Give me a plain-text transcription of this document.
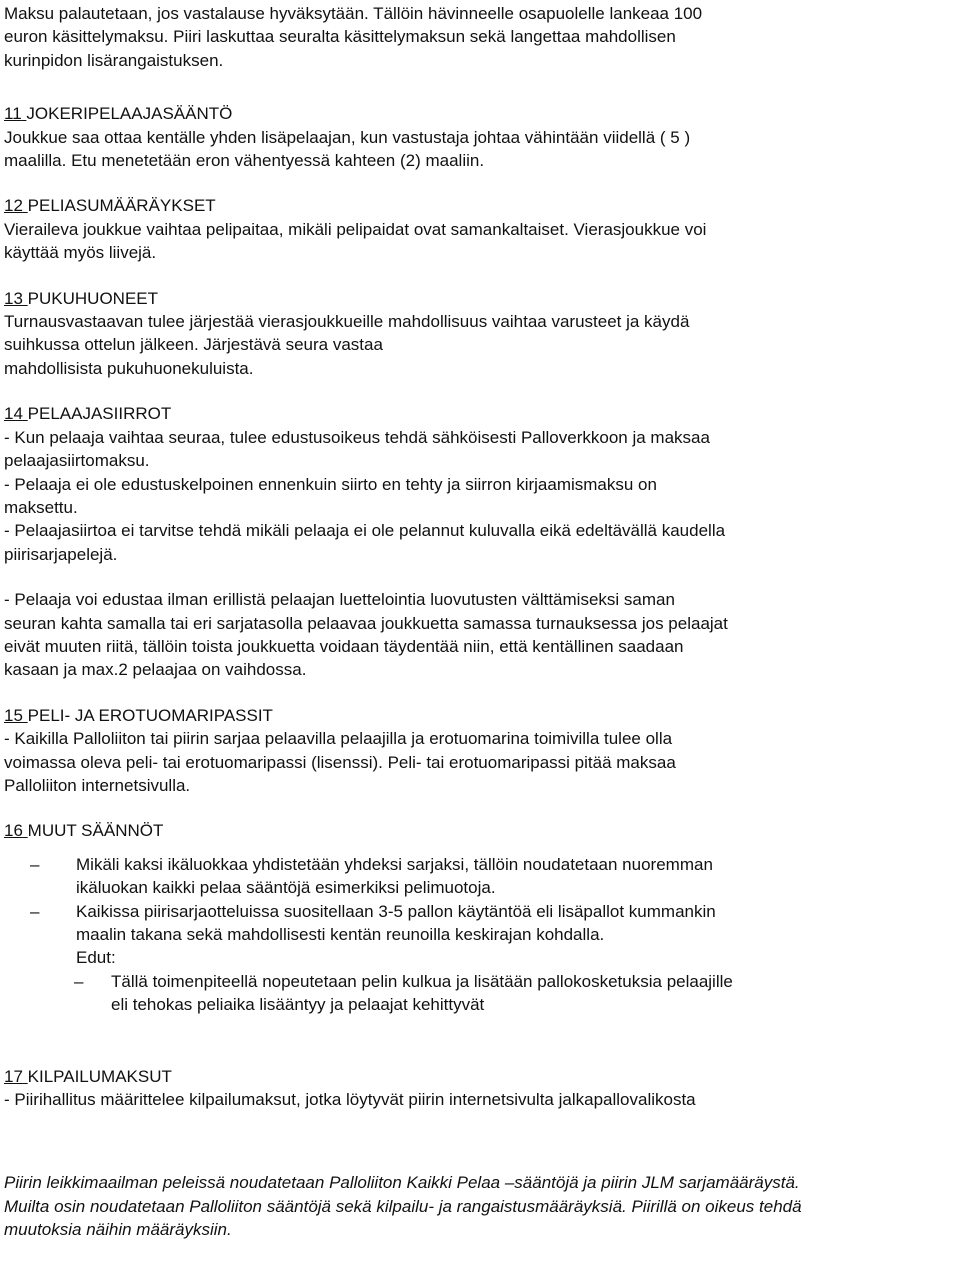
Maksu palautetaan, jos vastalause hyväksytään. Tällöin hävinneelle osapuolelle lankeaa 100

euron käsittelymaksu. Piiri laskuttaa seuralta käsittelymaksun sekä langettaa mahdollisen

kurinpidon lisärangaistuksen.

11 JOKERIPELAAJASÄÄNTÖ

Joukkue saa ottaa kentälle yhden lisäpelaajan, kun vastustaja johtaa vähintään viidellä ( 5 )

maalilla. Etu menetetään eron vähentyessä kahteen (2) maaliin.

12 PELIASUMÄÄRÄYKSET

Vieraileva joukkue vaihtaa pelipaitaa, mikäli pelipaidat ovat samankaltaiset. Vierasjoukkue voi

käyttää myös liivejä.

13 PUKUHUONEET

Turnausvastaavan tulee järjestää vierasjoukkueille mahdollisuus vaihtaa varusteet ja käydä

suihkussa ottelun jälkeen. Järjestävä seura vastaa

mahdollisista pukuhuonekuluista.

14 PELAAJASIIRROT

- Kun pelaaja vaihtaa seuraa, tulee edustusoikeus tehdä sähköisesti Palloverkkoon ja maksaa

pelaajasiirtomaksu.

- Pelaaja ei ole edustuskelpoinen ennenkuin siirto en tehty ja siirron kirjaamismaksu on

maksettu.

- Pelaajasiirtoa ei tarvitse tehdä mikäli pelaaja ei ole pelannut kuluvalla eikä edeltävällä kaudella

piirisarjapelejä.

- Pelaaja voi edustaa ilman erillistä pelaajan luettelointia luovutusten välttämiseksi saman

seuran kahta samalla tai eri sarjatasolla pelaavaa joukkuetta samassa turnauksessa jos pelaajat

eivät muuten riitä, tällöin toista joukkuetta voidaan täydentää niin, että kentällinen saadaan

kasaan ja max.2 pelaajaa on vaihdossa.

15 PELI- JA EROTUOMARIPASSIT

- Kaikilla Palloliiton tai piirin sarjaa pelaavilla pelaajilla ja erotuomarina toimivilla tulee olla

voimassa oleva peli- tai erotuomaripassi (lisenssi). Peli- tai erotuomaripassi pitää maksaa

Palloliiton internetsivulla.

16 MUUT SÄÄNNÖT

– Mikäli kaksi ikäluokkaa yhdistetään yhdeksi sarjaksi, tällöin noudatetaan nuoremman
ikäluokan kaikki pelaa sääntöjä esimerkiksi pelimuotoja.
– Kaikissa piirisarjaotteluissa suositellaan 3-5 pallon käytäntöä eli lisäpallot kummankin
maalin takana sekä mahdollisesti kentän reunoilla keskirajan kohdalla.

Edut:

– Tällä toimenpiteellä nopeutetaan pelin kulkua ja lisätään pallokosketuksia pelaajille
eli tehokas peliaika lisääntyy ja pelaajat kehittyvät

17 KILPAILUMAKSUT

- Piirihallitus määrittelee kilpailumaksut, jotka löytyvät piirin internetsivulta jalkapallovalikosta

Piirin leikkimaailman peleissä noudatetaan Palloliiton Kaikki Pelaa –sääntöjä ja piirin JLM sarjamääräystä.

Muilta osin noudatetaan Palloliiton sääntöjä sekä kilpailu- ja rangaistusmääräyksiä. Piirillä on oikeus tehdä

muutoksia näihin määräyksiin.
